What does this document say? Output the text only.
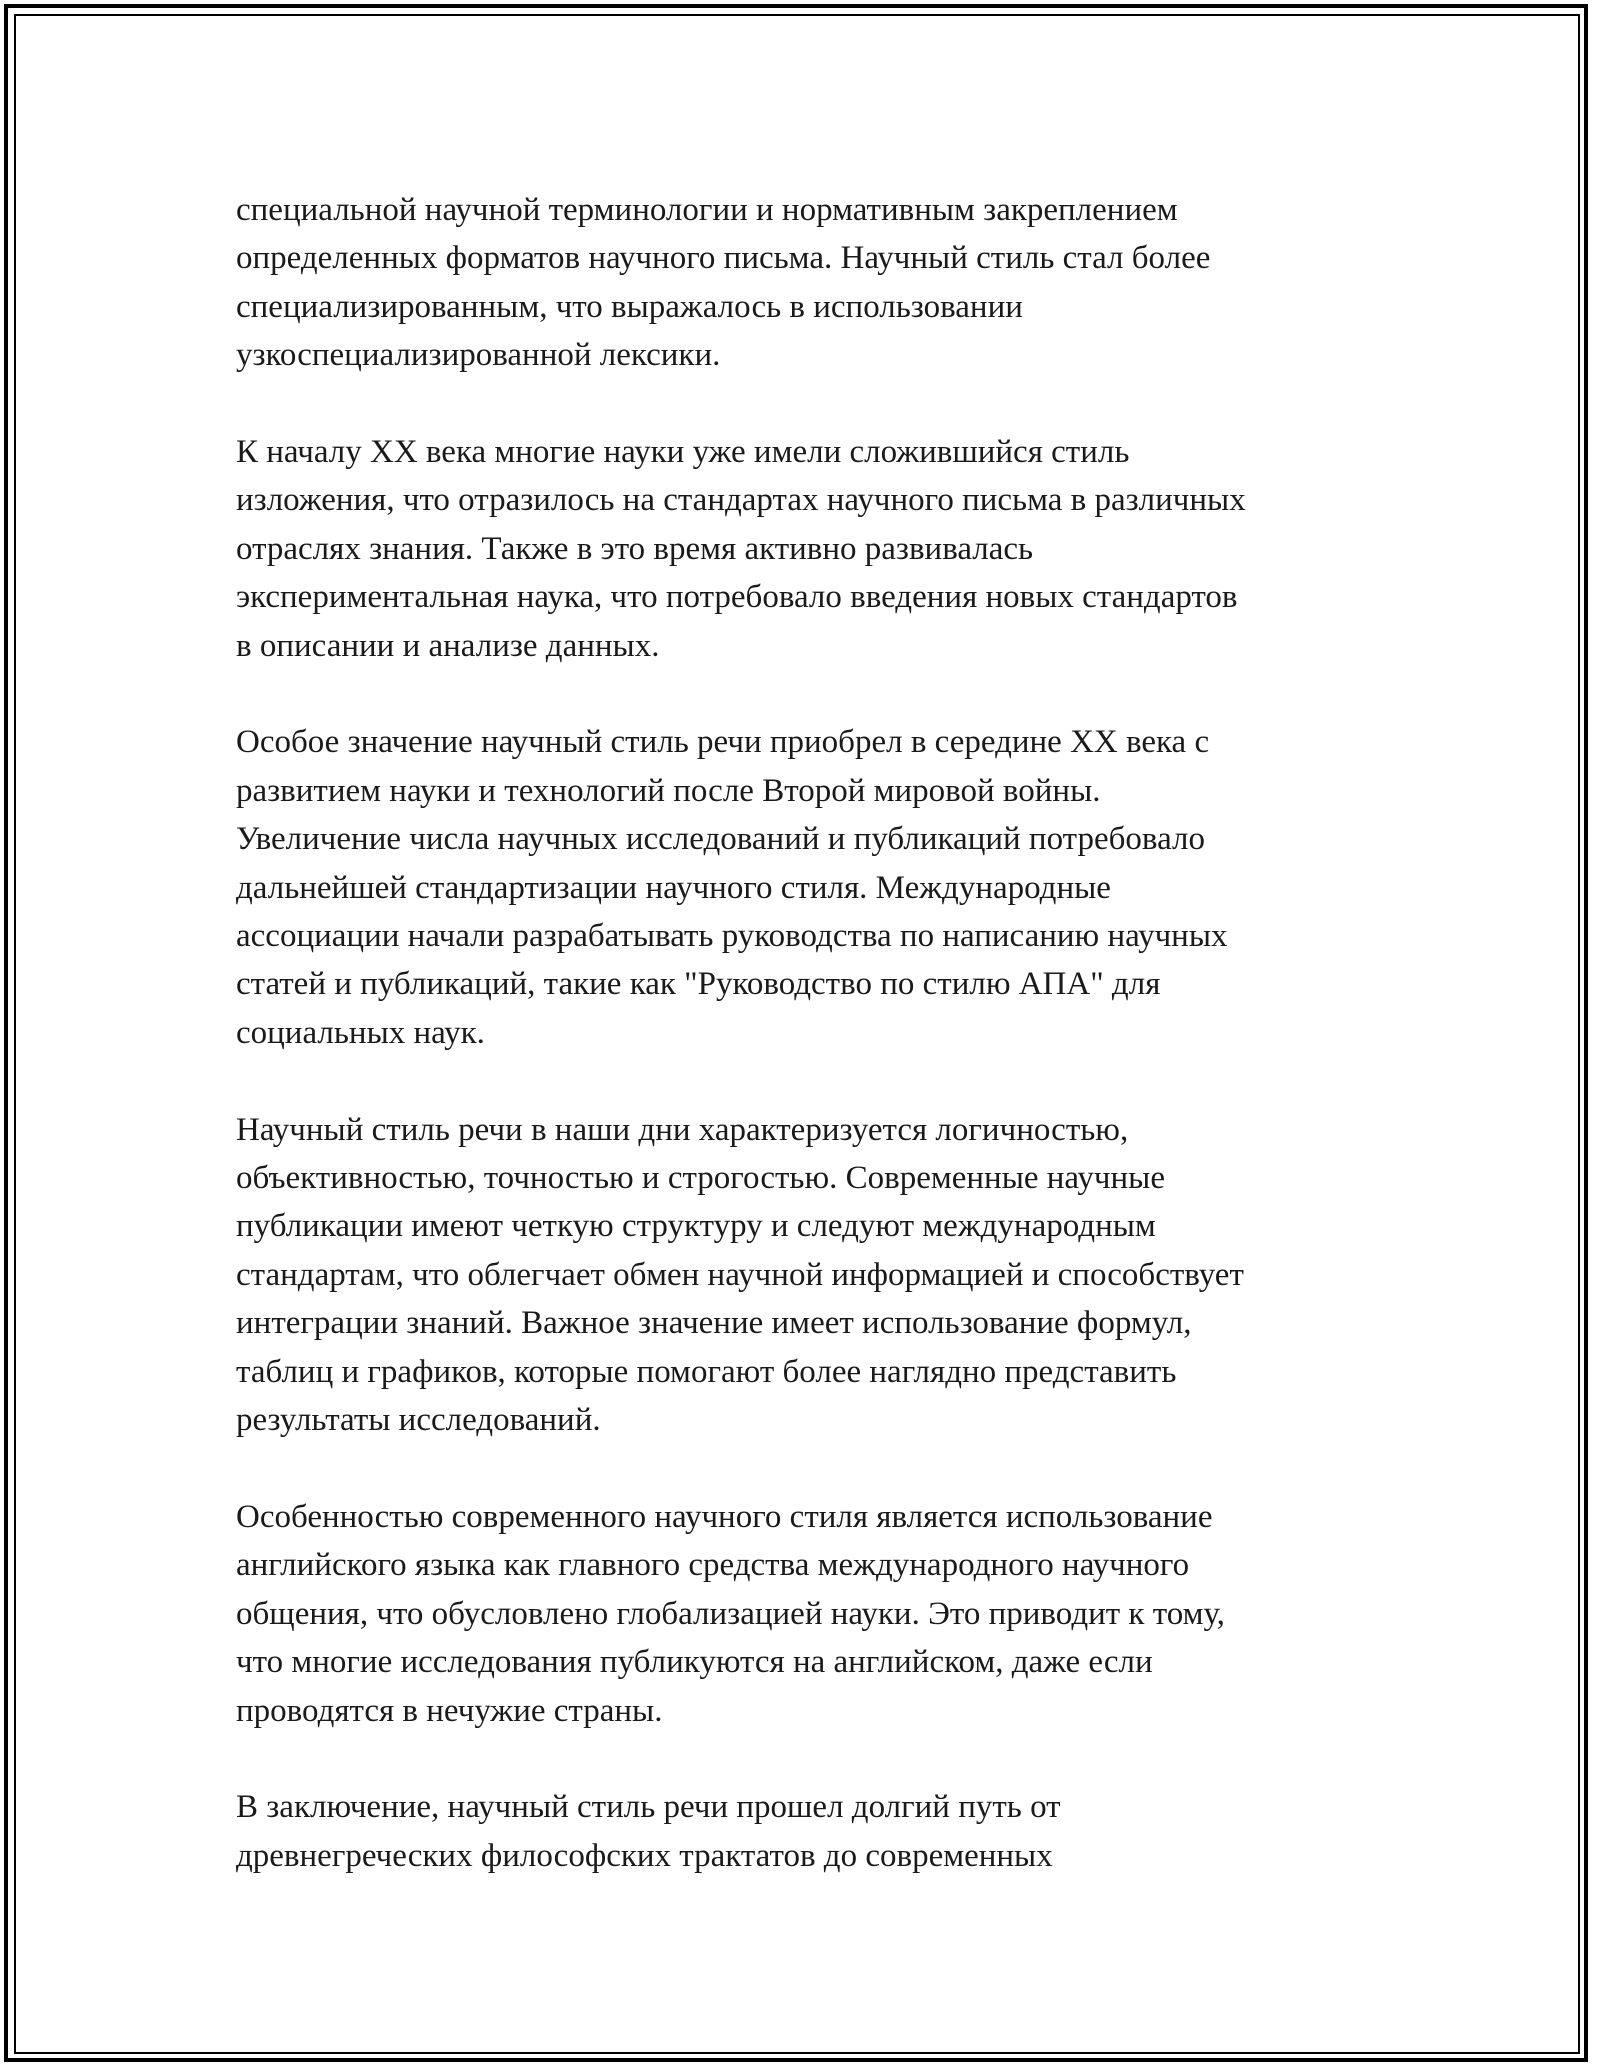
специальной научной терминологии и нормативным закреплением
определенных форматов научного письма. Научный стиль стал более
специализированным, что выражалось в использовании
узкоспециализированной лексики.

К началу XX века многие науки уже имели сложившийся стиль
изложения, что отразилось на стандартах научного письма в различных
отраслях знания. Также в это время активно развивалась
экспериментальная наука, что потребовало введения новых стандартов
в описании и анализе данных.

Особое значение научный стиль речи приобрел в середине XX века с
развитием науки и технологий после Второй мировой войны.
Увеличение числа научных исследований и публикаций потребовало
дальнейшей стандартизации научного стиля. Международные
ассоциации начали разрабатывать руководства по написанию научных
статей и публикаций, такие как "Руководство по стилю АПА" для
социальных наук.

Научный стиль речи в наши дни характеризуется логичностью,
объективностью, точностью и строгостью. Современные научные
публикации имеют четкую структуру и следуют международным
стандартам, что облегчает обмен научной информацией и способствует
интеграции знаний. Важное значение имеет использование формул,
таблиц и графиков, которые помогают более наглядно представить
результаты исследований.

Особенностью современного научного стиля является использование
английского языка как главного средства международного научного
общения, что обусловлено глобализацией науки. Это приводит к тому,
что многие исследования публикуются на английском, даже если
проводятся в нечужие страны.

В заключение, научный стиль речи прошел долгий путь от
древнегреческих философских трактатов до современных
